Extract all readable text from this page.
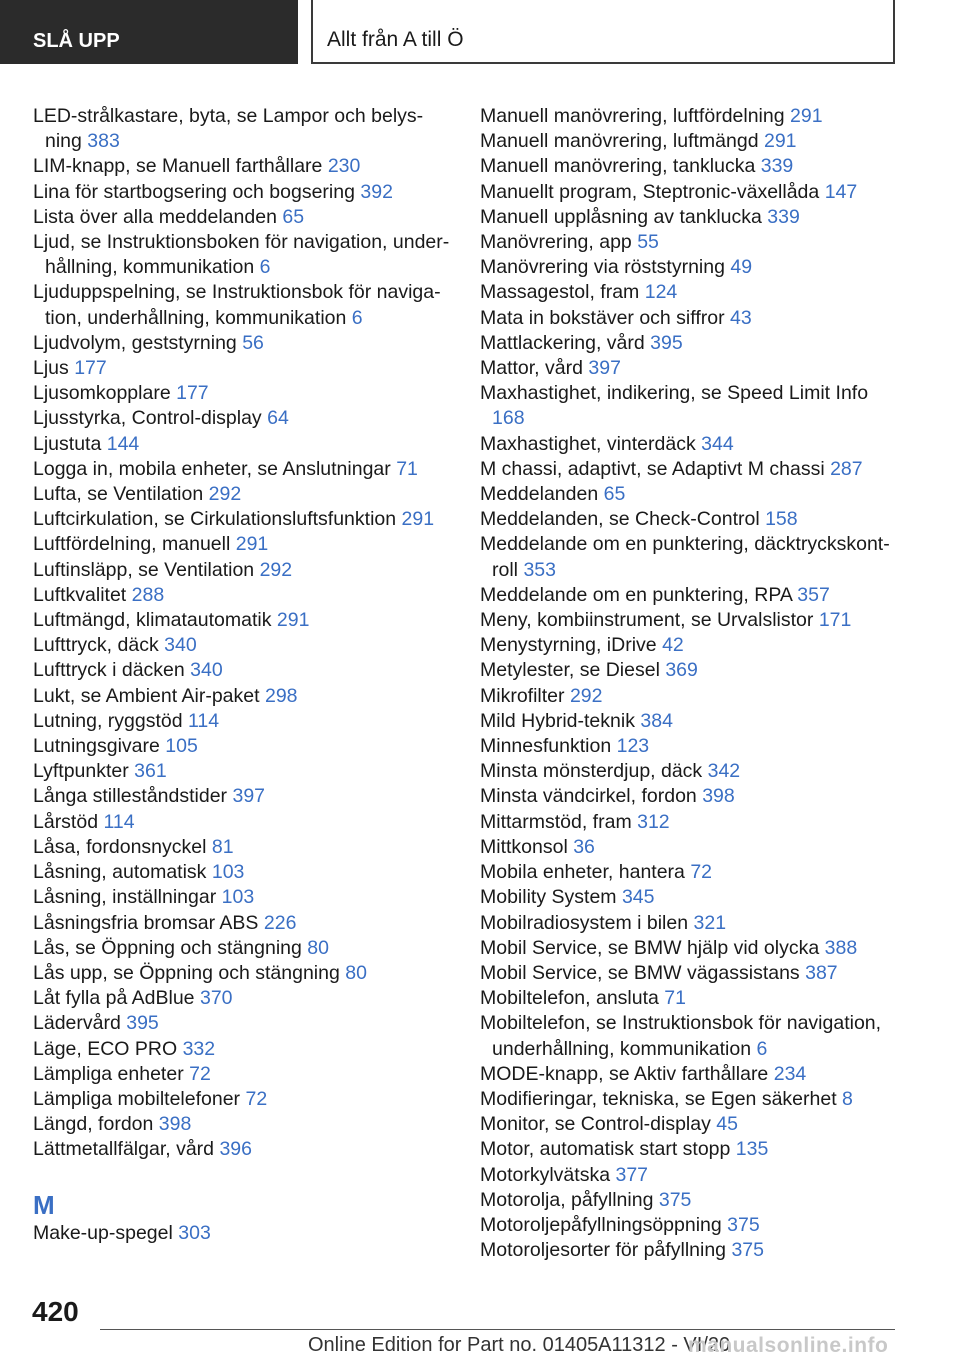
SLÅ UPP	Allt från A till Ö
LED-strålkastare, byta, se Lampor och belysning 383
LIM-knapp, se Manuell farthållare 230
Lina för startbogsering och bogsering 392
Lista över alla meddelanden 65
Ljud, se Instruktionsboken för navigation, underhållning, kommunikation 6
Ljuduppspelning, se Instruktionsbok för navigation, underhållning, kommunikation 6
Ljudvolym, geststyrning 56
Ljus 177
Ljusomkopplare 177
Ljusstyrka, Control-display 64
Ljustuta 144
Logga in, mobila enheter, se Anslutningar 71
Lufta, se Ventilation 292
Luftcirkulation, se Cirkulationsluftsfunktion 291
Luftfördelning, manuell 291
Luftinsläpp, se Ventilation 292
Luftkvalitet 288
Luftmängd, klimatautomatik 291
Lufttryck, däck 340
Lufttryck i däcken 340
Lukt, se Ambient Air-paket 298
Lutning, ryggstöd 114
Lutningsgivare 105
Lyftpunkter 361
Långa stilleståndstider 397
Lårstöd 114
Låsa, fordonsnyckel 81
Låsning, automatisk 103
Låsning, inställningar 103
Låsningsfria bromsar ABS 226
Lås, se Öppning och stängning 80
Lås upp, se Öppning och stängning 80
Låt fylla på AdBlue 370
Lädervård 395
Läge, ECO PRO 332
Lämpliga enheter 72
Lämpliga mobiltelefoner 72
Längd, fordon 398
Lättmetallfälgar, vård 396
M
Make-up-spegel 303
Manuell manövrering, luftfördelning 291
Manuell manövrering, luftmängd 291
Manuell manövrering, tanklucka 339
Manuellt program, Steptronic-växellåda 147
Manuell upplåsning av tanklucka 339
Manövrering, app 55
Manövrering via röststyrning 49
Massagestol, fram 124
Mata in bokstäver och siffror 43
Mattlackering, vård 395
Mattor, vård 397
Maxhastighet, indikering, se Speed Limit Info 168
Maxhastighet, vinterdäck 344
M chassi, adaptivt, se Adaptivt M chassi 287
Meddelanden 65
Meddelanden, se Check-Control 158
Meddelande om en punktering, däcktryckskontroll 353
Meddelande om en punktering, RPA 357
Meny, kombiinstrument, se Urvalslistor 171
Menystyrning, iDrive 42
Metylester, se Diesel 369
Mikrofilter 292
Mild Hybrid-teknik 384
Minnesfunktion 123
Minsta mönsterdjup, däck 342
Minsta vändcirkel, fordon 398
Mittarmstöd, fram 312
Mittkonsol 36
Mobila enheter, hantera 72
Mobility System 345
Mobilradiosystem i bilen 321
Mobil Service, se BMW hjälp vid olycka 388
Mobil Service, se BMW vägassistans 387
Mobiltelefon, ansluta 71
Mobiltelefon, se Instruktionsbok för navigation, underhållning, kommunikation 6
MODE-knapp, se Aktiv farthållare 234
Modifieringar, tekniska, se Egen säkerhet 8
Monitor, se Control-display 45
Motor, automatisk start stopp 135
Motorkylvätska 377
Motorolja, påfyllning 375
Motoroljepåfyllningsöppning 375
Motoroljesorter för påfyllning 375
420
Online Edition for Part no. 01405A11312 - VI/20
manualsonline.info
